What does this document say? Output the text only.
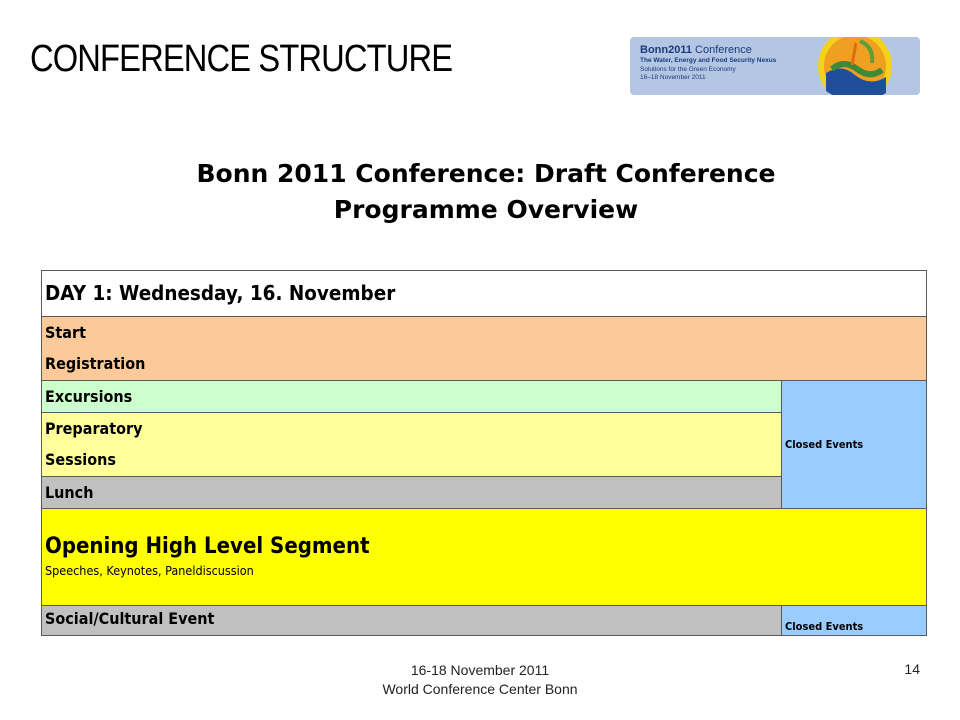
CONFERENCE STRUCTURE	Bonn2011 Conference
The Water, Energy and Food Security Nexus
Solutions for the Green Economy
16–18 November 2011
Bonn 2011 Conference: Draft Conference
Programme Overview
DAY 1: Wednesday, 16. November	
Start
Registration	
Excursions	Closed Events
Preparatory
Sessions	
Lunch	

Opening High Level Segment
Speeches, Keynotes, Paneldiscussion	

Social/Cultural Event	Closed Events
16-18 November 2011
World Conference Center Bonn
14
